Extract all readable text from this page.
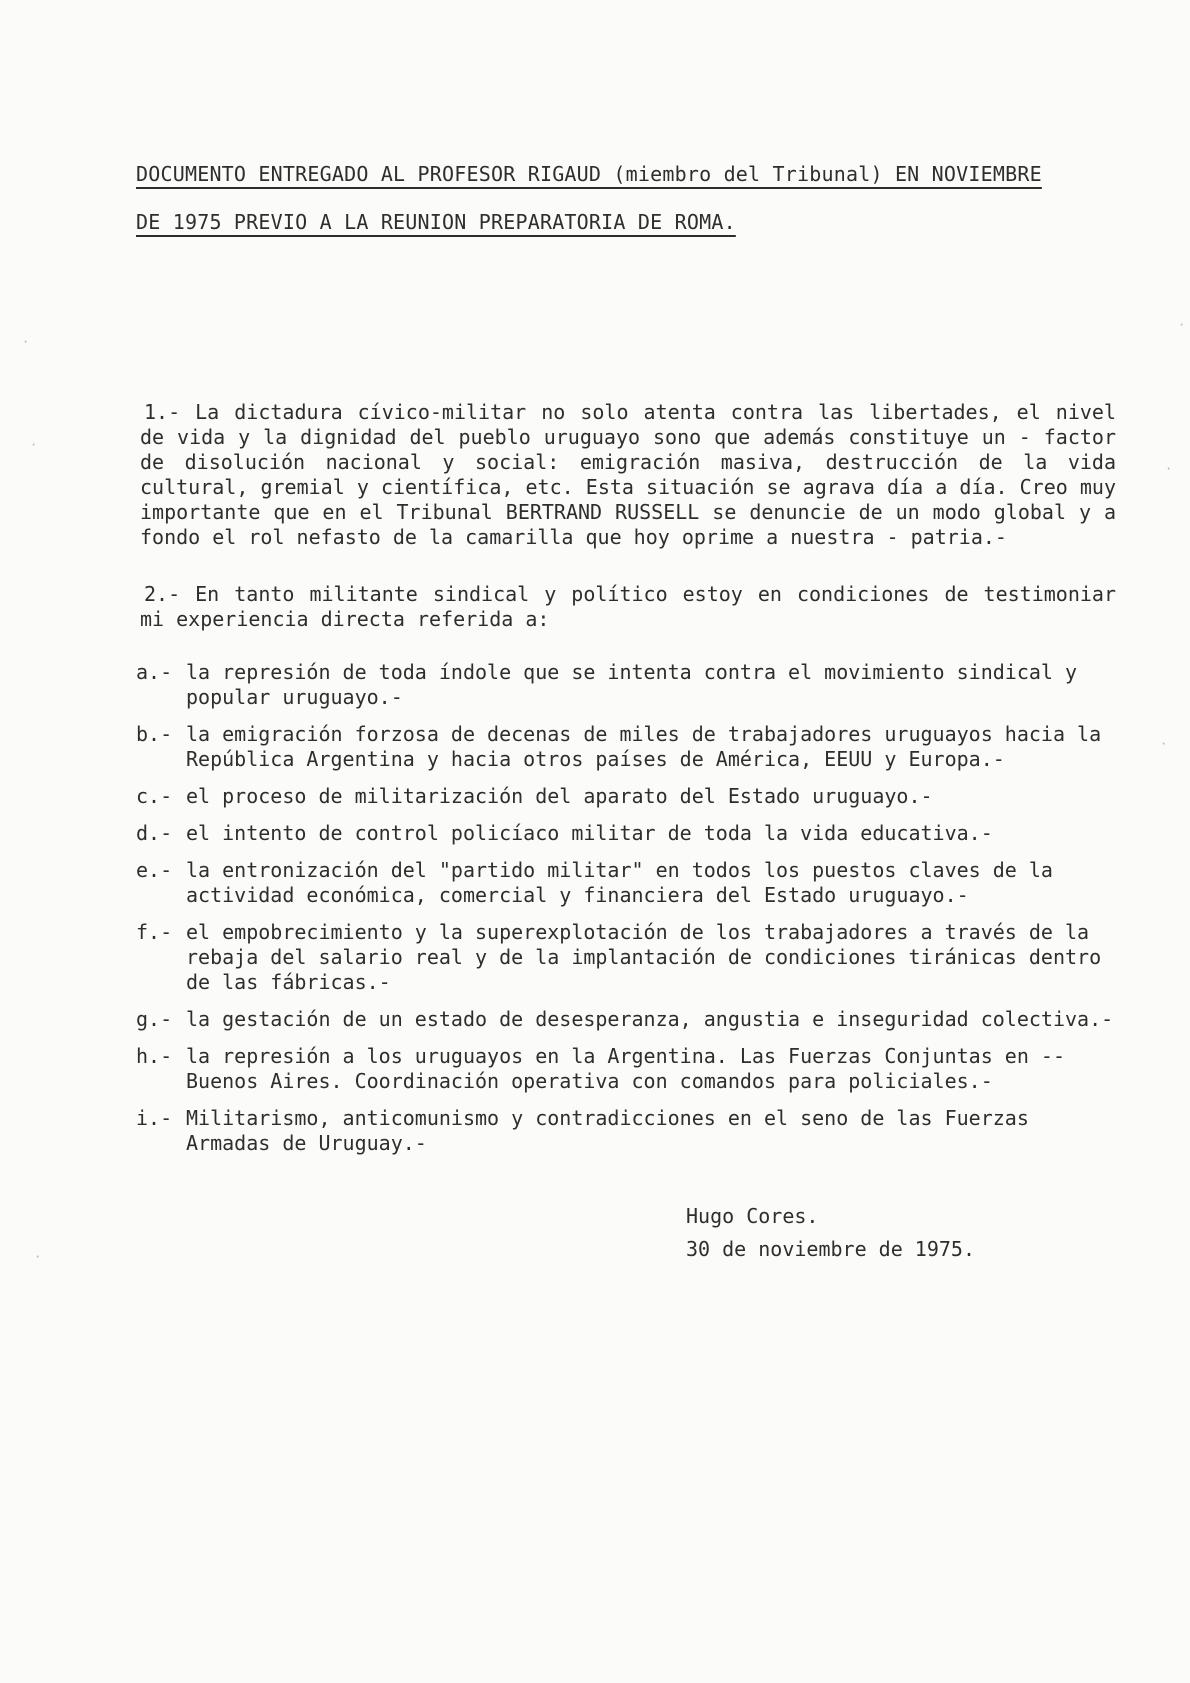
DOCUMENTO ENTREGADO AL PROFESOR RIGAUD (miembro del Tribunal) EN NOVIEMBRE
DE 1975 PREVIO A LA REUNION PREPARATORIA DE ROMA.

1.- La dictadura cívico-militar no solo atenta contra las libertades, el nivel de vida y la dignidad del pueblo uruguayo sono que además constituye un - factor de disolución nacional y social: emigración masiva, destrucción de la vida cultural, gremial y científica, etc. Esta situación se agrava día a día. Creo muy importante que en el Tribunal BERTRAND RUSSELL se denuncie de un modo global y a fondo el rol nefasto de la camarilla que hoy oprime a nuestra - patria.-

2.- En tanto militante sindical y político estoy en condiciones de testimoniar mi experiencia directa referida a:

a.- la represión de toda índole que se intenta contra el movimiento sindical y popular uruguayo.-
b.- la emigración forzosa de decenas de miles de trabajadores uruguayos hacia la República Argentina y hacia otros países de América, EEUU y Europa.-
c.- el proceso de militarización del aparato del Estado uruguayo.-
d.- el intento de control policíaco militar de toda la vida educativa.-
e.- la entronización del "partido militar" en todos los puestos claves de la actividad económica, comercial y financiera del Estado uruguayo.-
f.- el empobrecimiento y la superexplotación de los trabajadores a través de la rebaja del salario real y de la implantación de condiciones tiránicas dentro de las fábricas.-
g.- la gestación de un estado de desesperanza, angustia e inseguridad colectiva.-
h.- la represión a los uruguayos en la Argentina. Las Fuerzas Conjuntas en -- Buenos Aires. Coordinación operativa con comandos para policiales.-
i.- Militarismo, anticomunismo y contradicciones en el seno de las Fuerzas Armadas de Uruguay.-
Hugo Cores.
30 de noviembre de 1975.
·
·
·
·
·
·
